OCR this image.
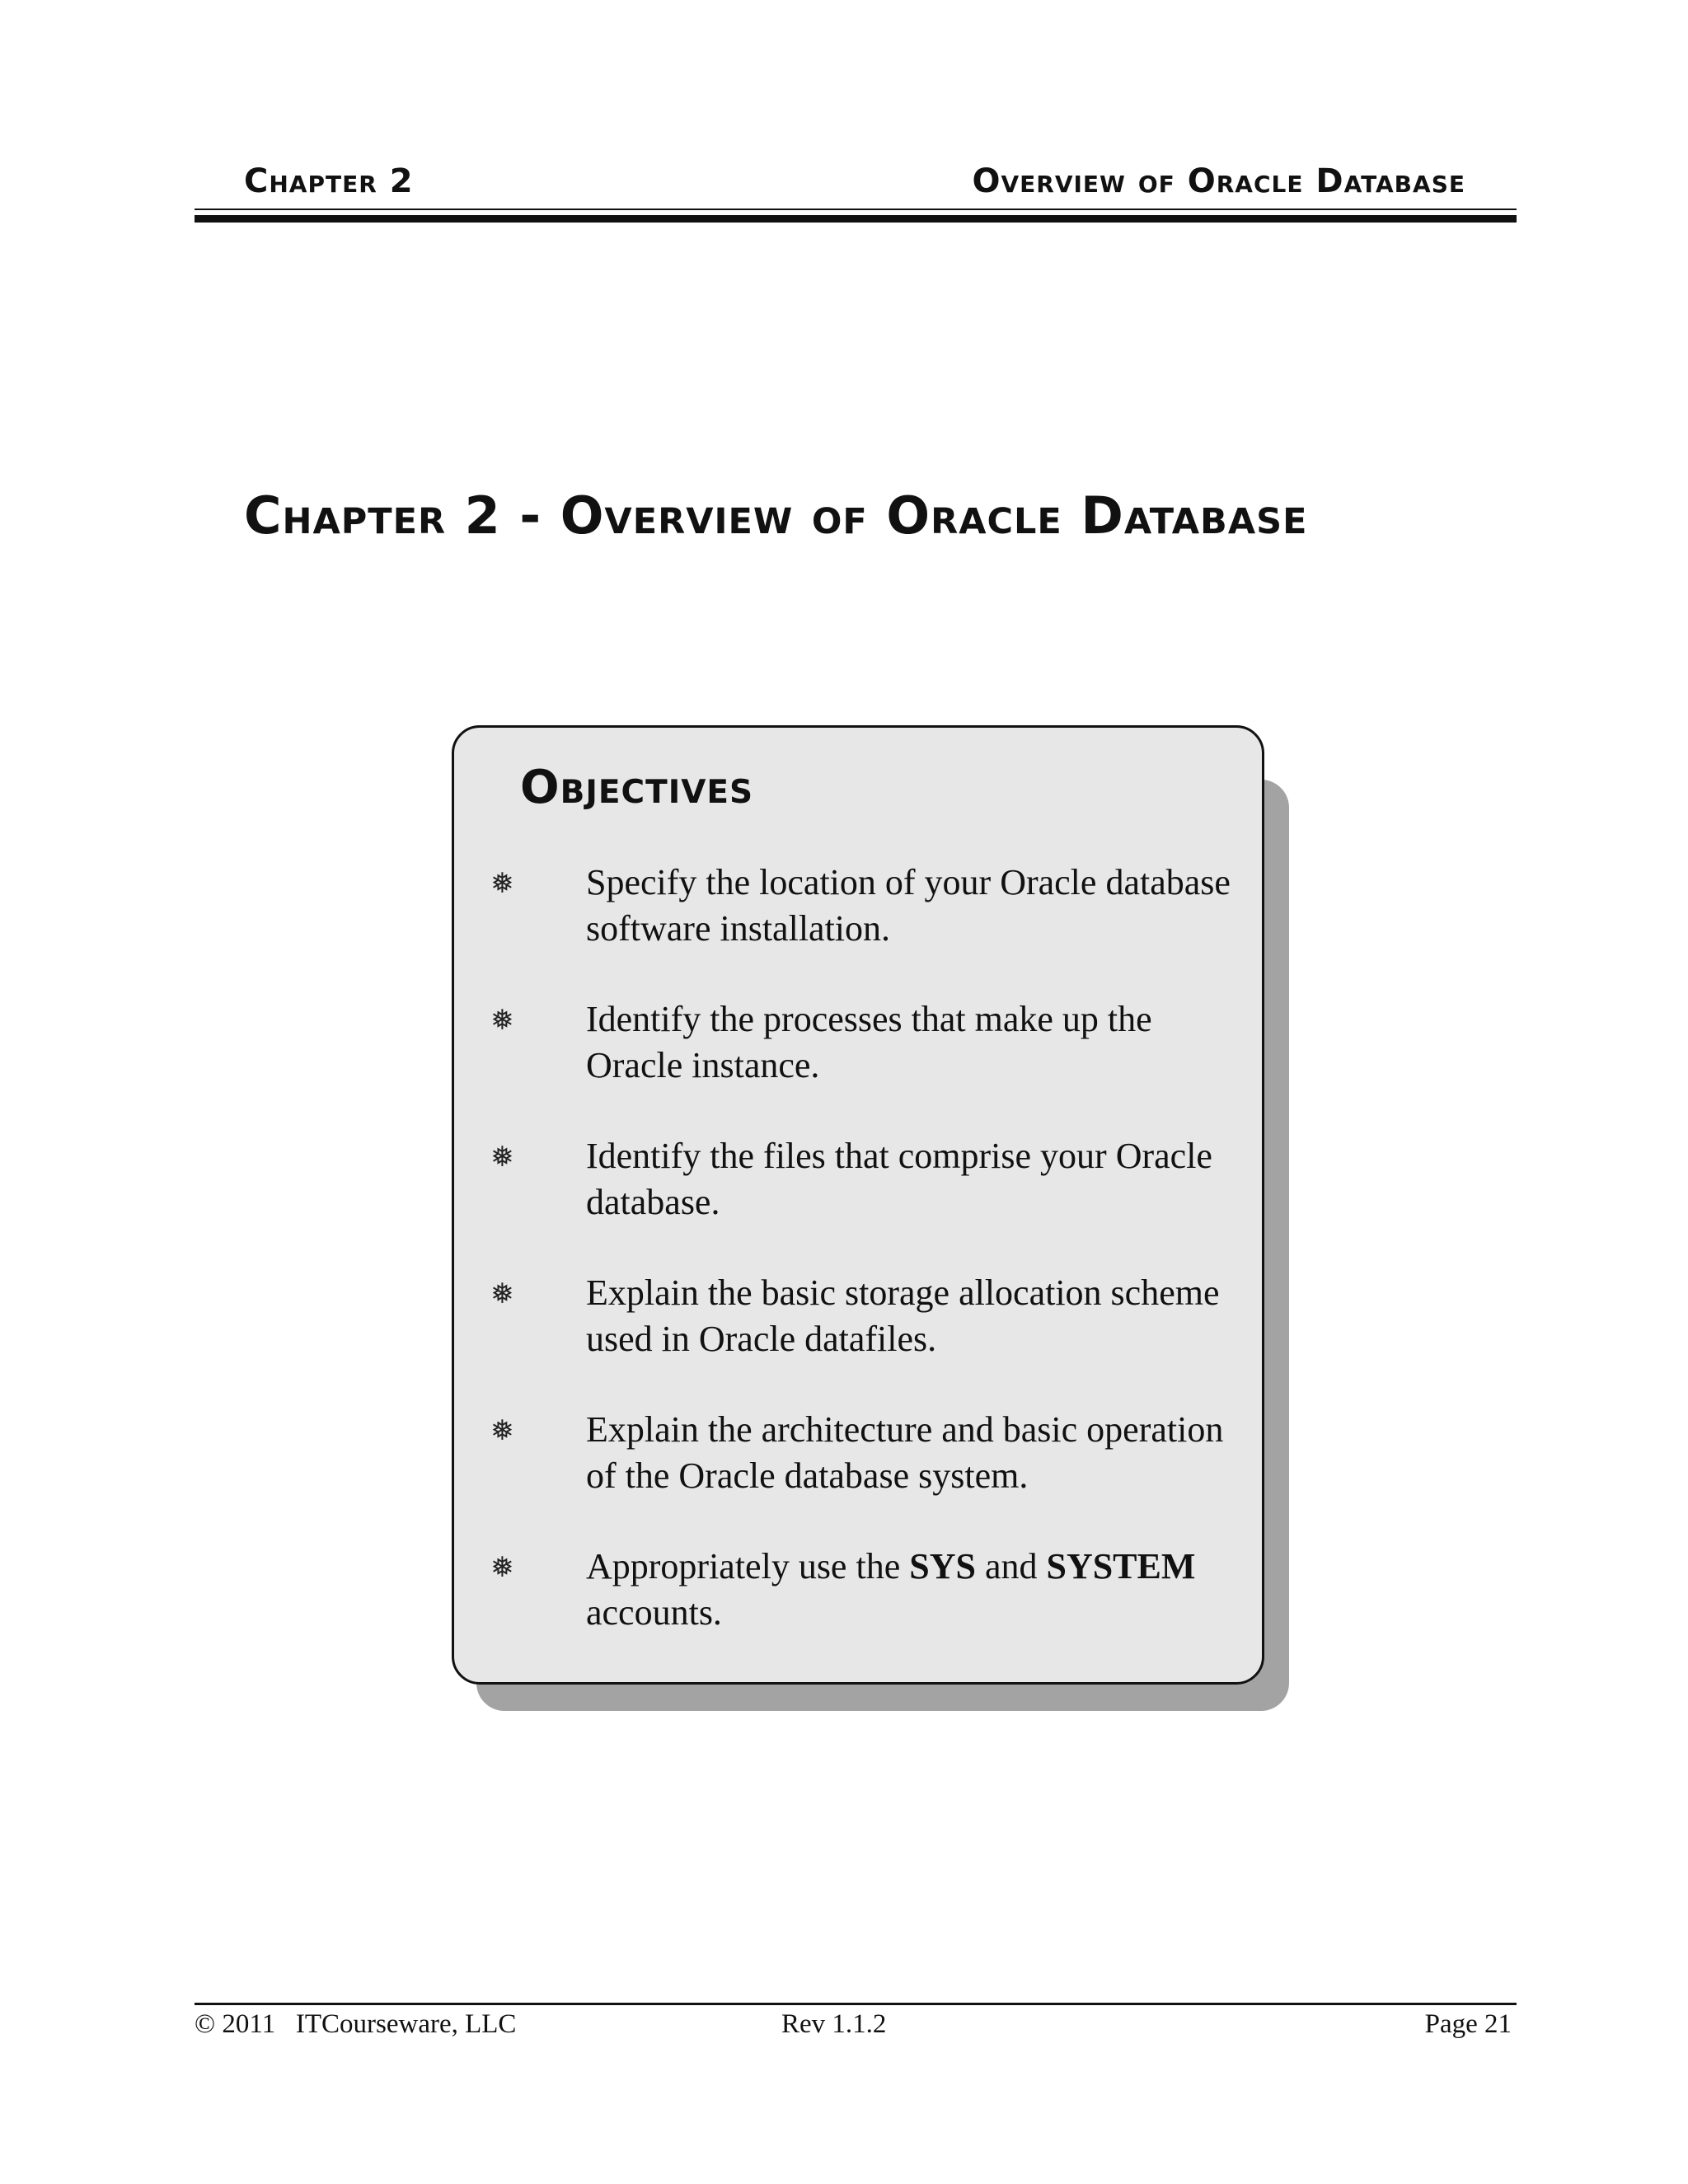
Chapter 2	Overview of Oracle Database
Chapter 2 - Overview of Oracle Database
Objectives
❅ Specify the location of your Oracle database software installation.
❅ Identify the processes that make up the Oracle instance.
❅ Identify the files that comprise your Oracle database.
❅ Explain the basic storage allocation scheme used in Oracle datafiles.
❅ Explain the architecture and basic operation of the Oracle database system.
❅ Appropriately use the SYS and SYSTEM accounts.
© 2011   ITCourseware, LLC	Rev 1.1.2	Page 21
